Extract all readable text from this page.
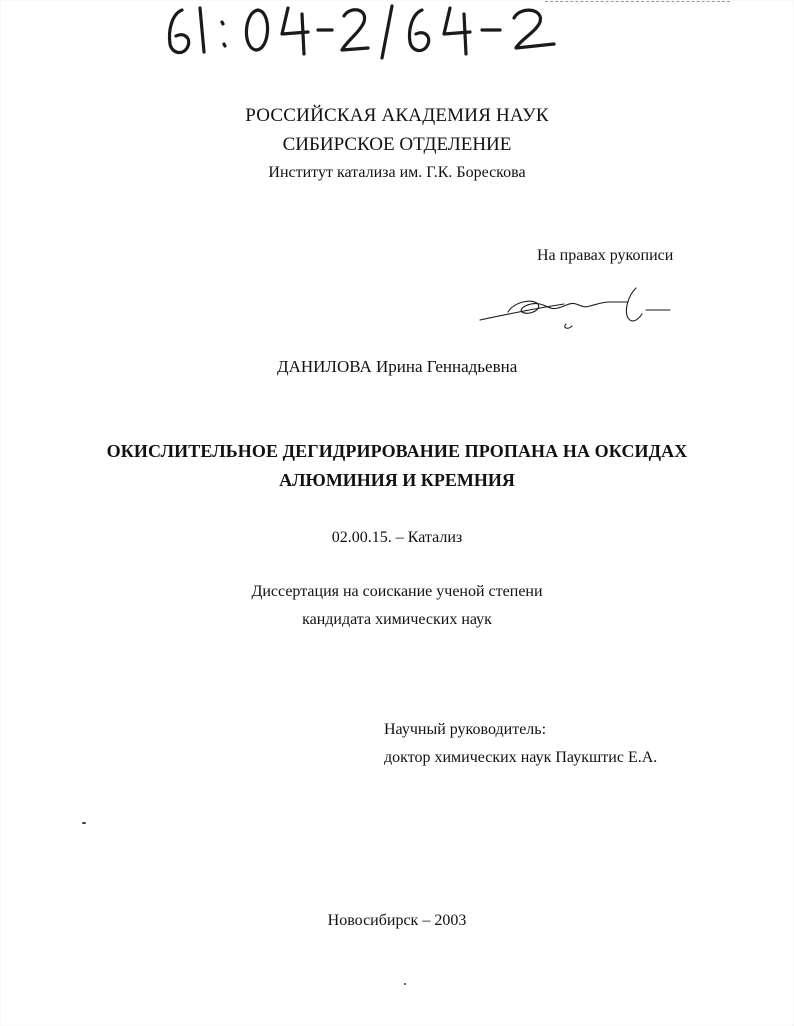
РОССИЙСКАЯ АКАДЕМИЯ НАУК
СИБИРСКОЕ ОТДЕЛЕНИЕ
Институт катализа им. Г.К. Борескова
На правах рукописи
ДАНИЛОВА Ирина Геннадьевна
ОКИСЛИТЕЛЬНОЕ ДЕГИДРИРОВАНИЕ ПРОПАНА НА ОКСИДАХ
АЛЮМИНИЯ И КРЕМНИЯ
02.00.15. – Катализ
Диссертация на соискание ученой степени
кандидата химических наук
Научный руководитель:
доктор химических наук Паукштис Е.А.
Новосибирск – 2003
